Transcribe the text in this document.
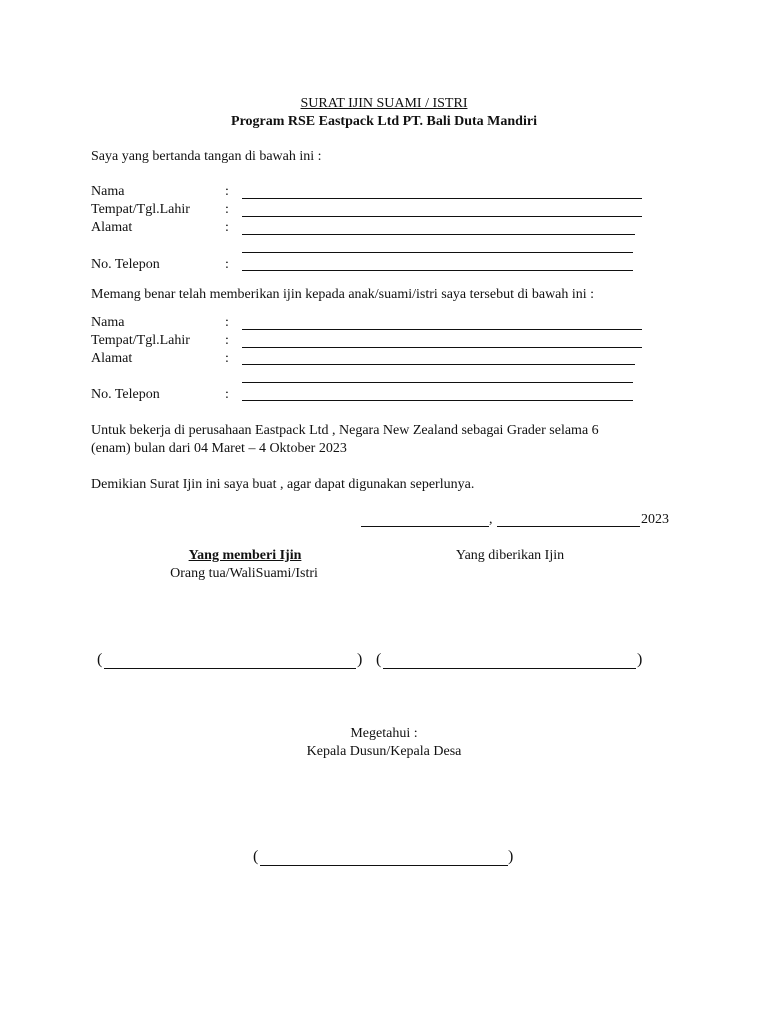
SURAT IJIN SUAMI / ISTRI
Program RSE Eastpack Ltd PT. Bali Duta Mandiri
Saya yang bertanda tangan di bawah ini :
Nama	:
Tempat/Tgl.Lahir	:
Alamat	:
No. Telepon	:
Memang benar telah memberikan ijin kepada anak/suami/istri saya tersebut di bawah ini :
Nama	:
Tempat/Tgl.Lahir	:
Alamat	:
No. Telepon	:
Untuk bekerja di perusahaan Eastpack Ltd , Negara New Zealand sebagai Grader selama 6
(enam) bulan dari 04 Maret – 4 Oktober 2023
Demikian Surat Ijin ini saya buat , agar dapat digunakan seperlunya.
,	2023
Yang memberi Ijin
Orang tua/WaliSuami/Istri
Yang diberikan Ijin
(	) (	)
Megetahui :
Kepala Dusun/Kepala Desa
(	)
